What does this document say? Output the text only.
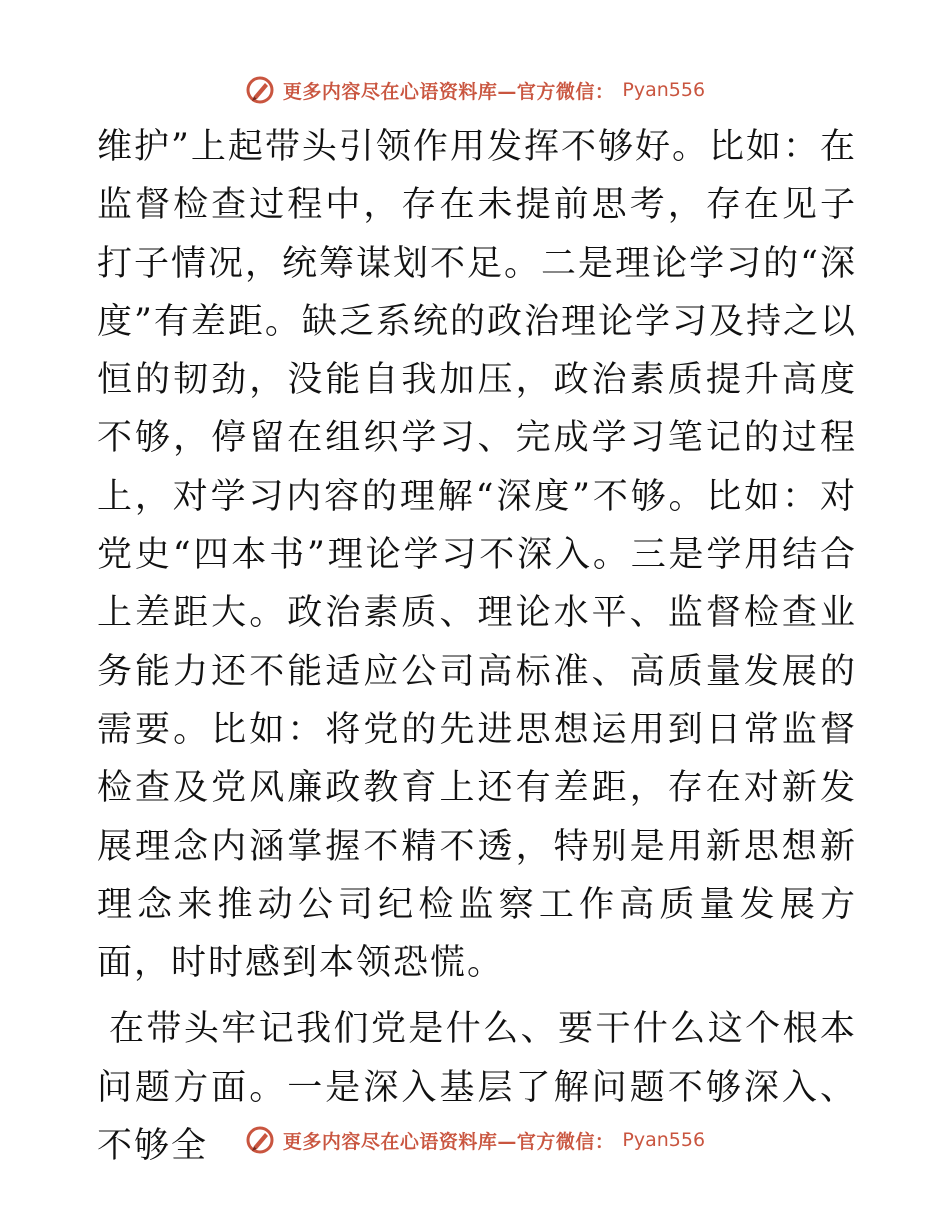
更多内容尽在心语资料库—官方微信： Pyan556

维护”上起带头引领作用发挥不够好。比如：在监督检查过程中，存在未提前思考，存在见子打子情况，统筹谋划不足。二是理论学习的“深度”有差距。缺乏系统的政治理论学习及持之以恒的韧劲，没能自我加压，政治素质提升高度不够，停留在组织学习、完成学习笔记的过程上，对学习内容的理解“深度”不够。比如：对党史“四本书”理论学习不深入。三是学用结合上差距大。政治素质、理论水平、监督检查业务能力还不能适应公司高标准、高质量发展的需要。比如：将党的先进思想运用到日常监督检查及党风廉政教育上还有差距，存在对新发展理念内涵掌握不精不透，特别是用新思想新理念来推动公司纪检监察工作高质量发展方面，时时感到本领恐慌。

在带头牢记我们党是什么、要干什么这个根本问题方面。一是深入基层了解问题不够深入、不够全	更多内容尽在心语资料库—官方微信： Pyan556
